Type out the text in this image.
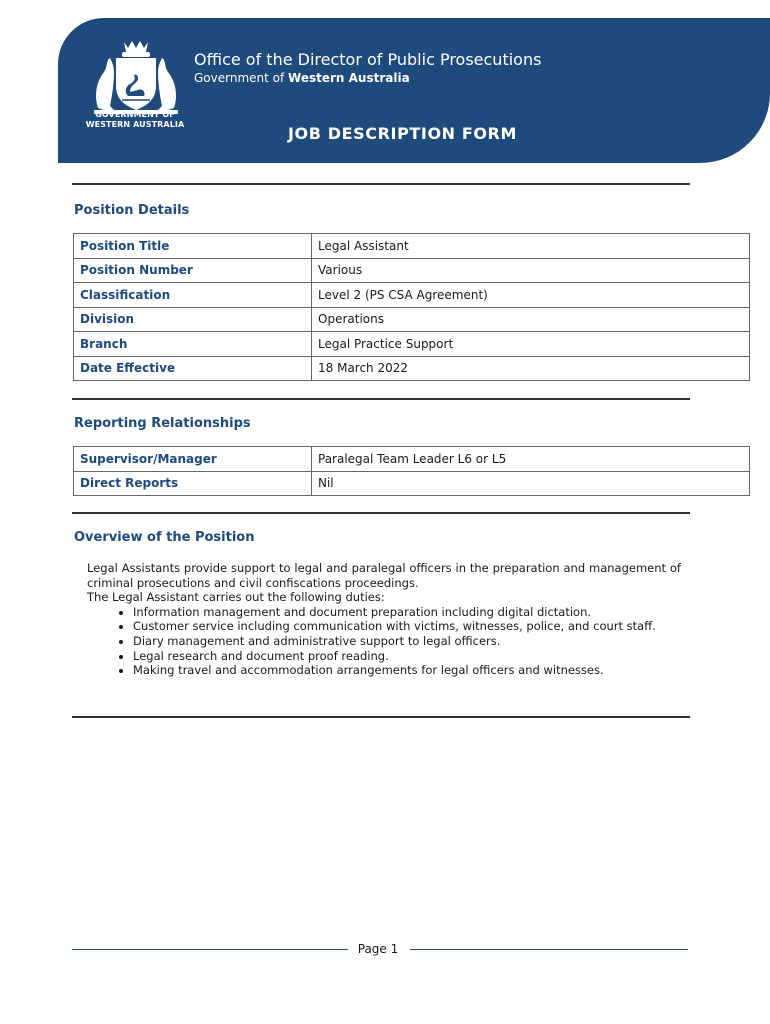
GOVERNMENT OF
WESTERN AUSTRALIA
Office of the Director of Public Prosecutions
Government of Western Australia
JOB DESCRIPTION FORM
Position Details
Position Title	Legal Assistant
Position Number	Various
Classification	Level 2 (PS CSA Agreement)
Division	Operations
Branch	Legal Practice Support
Date Effective	18 March 2022
Reporting Relationships
Supervisor/Manager	Paralegal Team Leader L6 or L5
Direct Reports	Nil
Overview of the Position

Legal Assistants provide support to legal and paralegal officers in the preparation and management of criminal prosecutions and civil confiscations proceedings.

The Legal Assistant carries out the following duties:

• Information management and document preparation including digital dictation.
• Customer service including communication with victims, witnesses, police, and court staff.
• Diary management and administrative support to legal officers.
• Legal research and document proof reading.
• Making travel and accommodation arrangements for legal officers and witnesses.
Page 1
